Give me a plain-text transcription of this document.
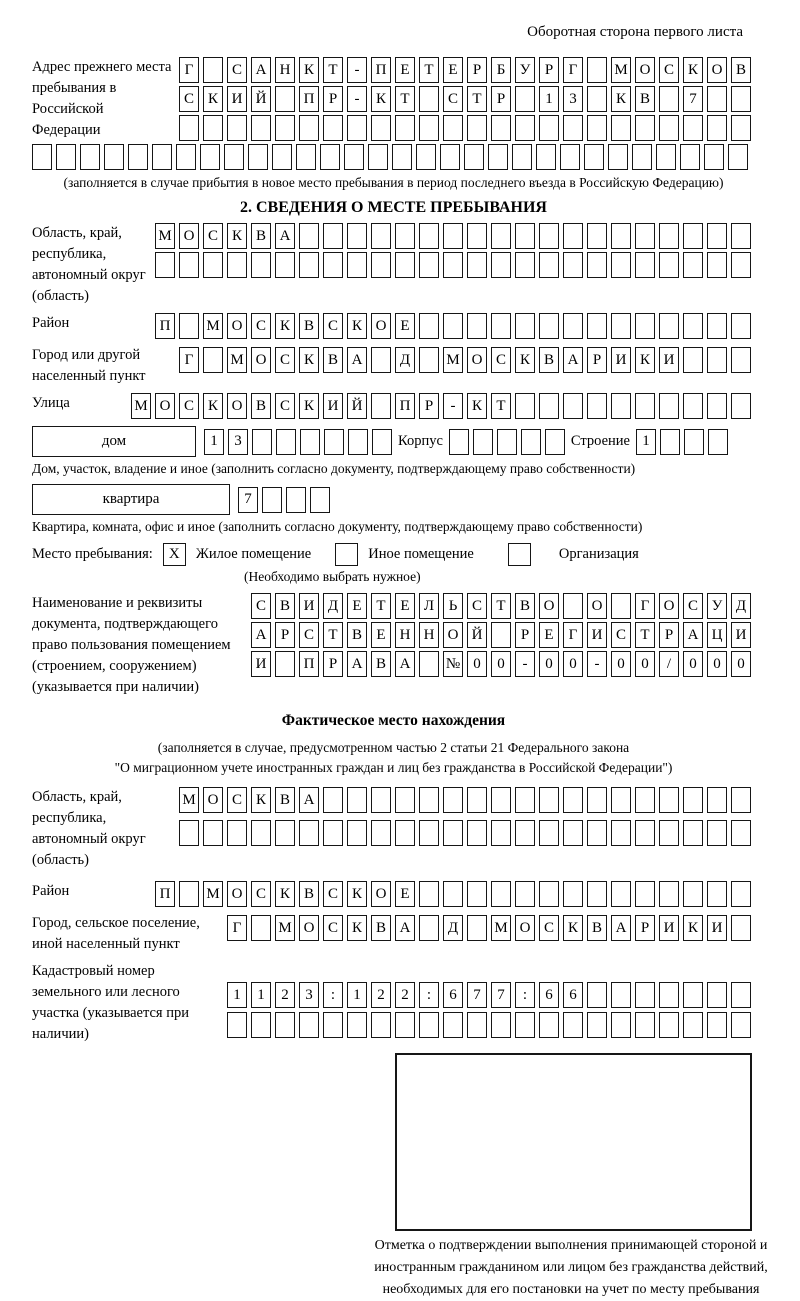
Оборотная сторона первого листа
Адрес прежнего места пребывания в Российской Федерации
Г	С А Н К Т	-	П Е Т Е	Р	Б У Р	Г	М О С К О В
С К И Й	П Р	-	К Т	С Т	Р	1	3	К В	7
(заполняется в случае прибытия в новое место пребывания в период последнего въезда в Российскую Федерацию)
2. СВЕДЕНИЯ О МЕСТЕ ПРЕБЫВАНИЯ
Область, край, республика, автономный округ (область)
М О С К В А
Район	П	М О С К В С К О Е
Город или другой населенный пункт
Г	М О С К В А	Д	М О С К В А Р И К И
Улица	М О С К О В С К И Й	П Р	-	К Т
дом	1	3	Корпус	Строение 1
Дом, участок, владение и иное (заполнить согласно документу, подтверждающему право собственности)
квартира	7
Квартира, комната, офис и иное (заполнить согласно документу, подтверждающему право собственности)
Место пребывания:	X	Жилое помещение	Иное помещение	Организация
(Необходимо выбрать нужное)
Наименование и реквизиты документа, подтверждающего право пользования помещением (строением, сооружением) (указывается при наличии)
С В И Д Е Т Е Л Ь С Т В О	О	Г О С У Д
А Р С Т В Е Н Н О Й	Р	Е	Г И С Т	Р А Ц И
И	П Р А В А	№ 0	0	-	0	0	-	0	0	/	0	0	0
Фактическое место нахождения
(заполняется в случае, предусмотренном частью 2 статьи 21 Федерального закона
"О миграционном учете иностранных граждан и лиц без гражданства в Российской Федерации")
Область, край, республика, автономный округ (область)
М О С К В А
Район	П	М О С К В С К О Е
Город, сельское поселение, иной населенный пункт
Г	М О С К В А	Д	М О С К В А Р И К И
Кадастровый номер земельного или лесного участка (указывается при наличии)
1	1	2	3	:	1	2	2	:	6	7	7	:	6	6
Отметка о подтверждении выполнения принимающей стороной и иностранным гражданином или лицом без гражданства действий, необходимых для его постановки на учет по месту пребывания
